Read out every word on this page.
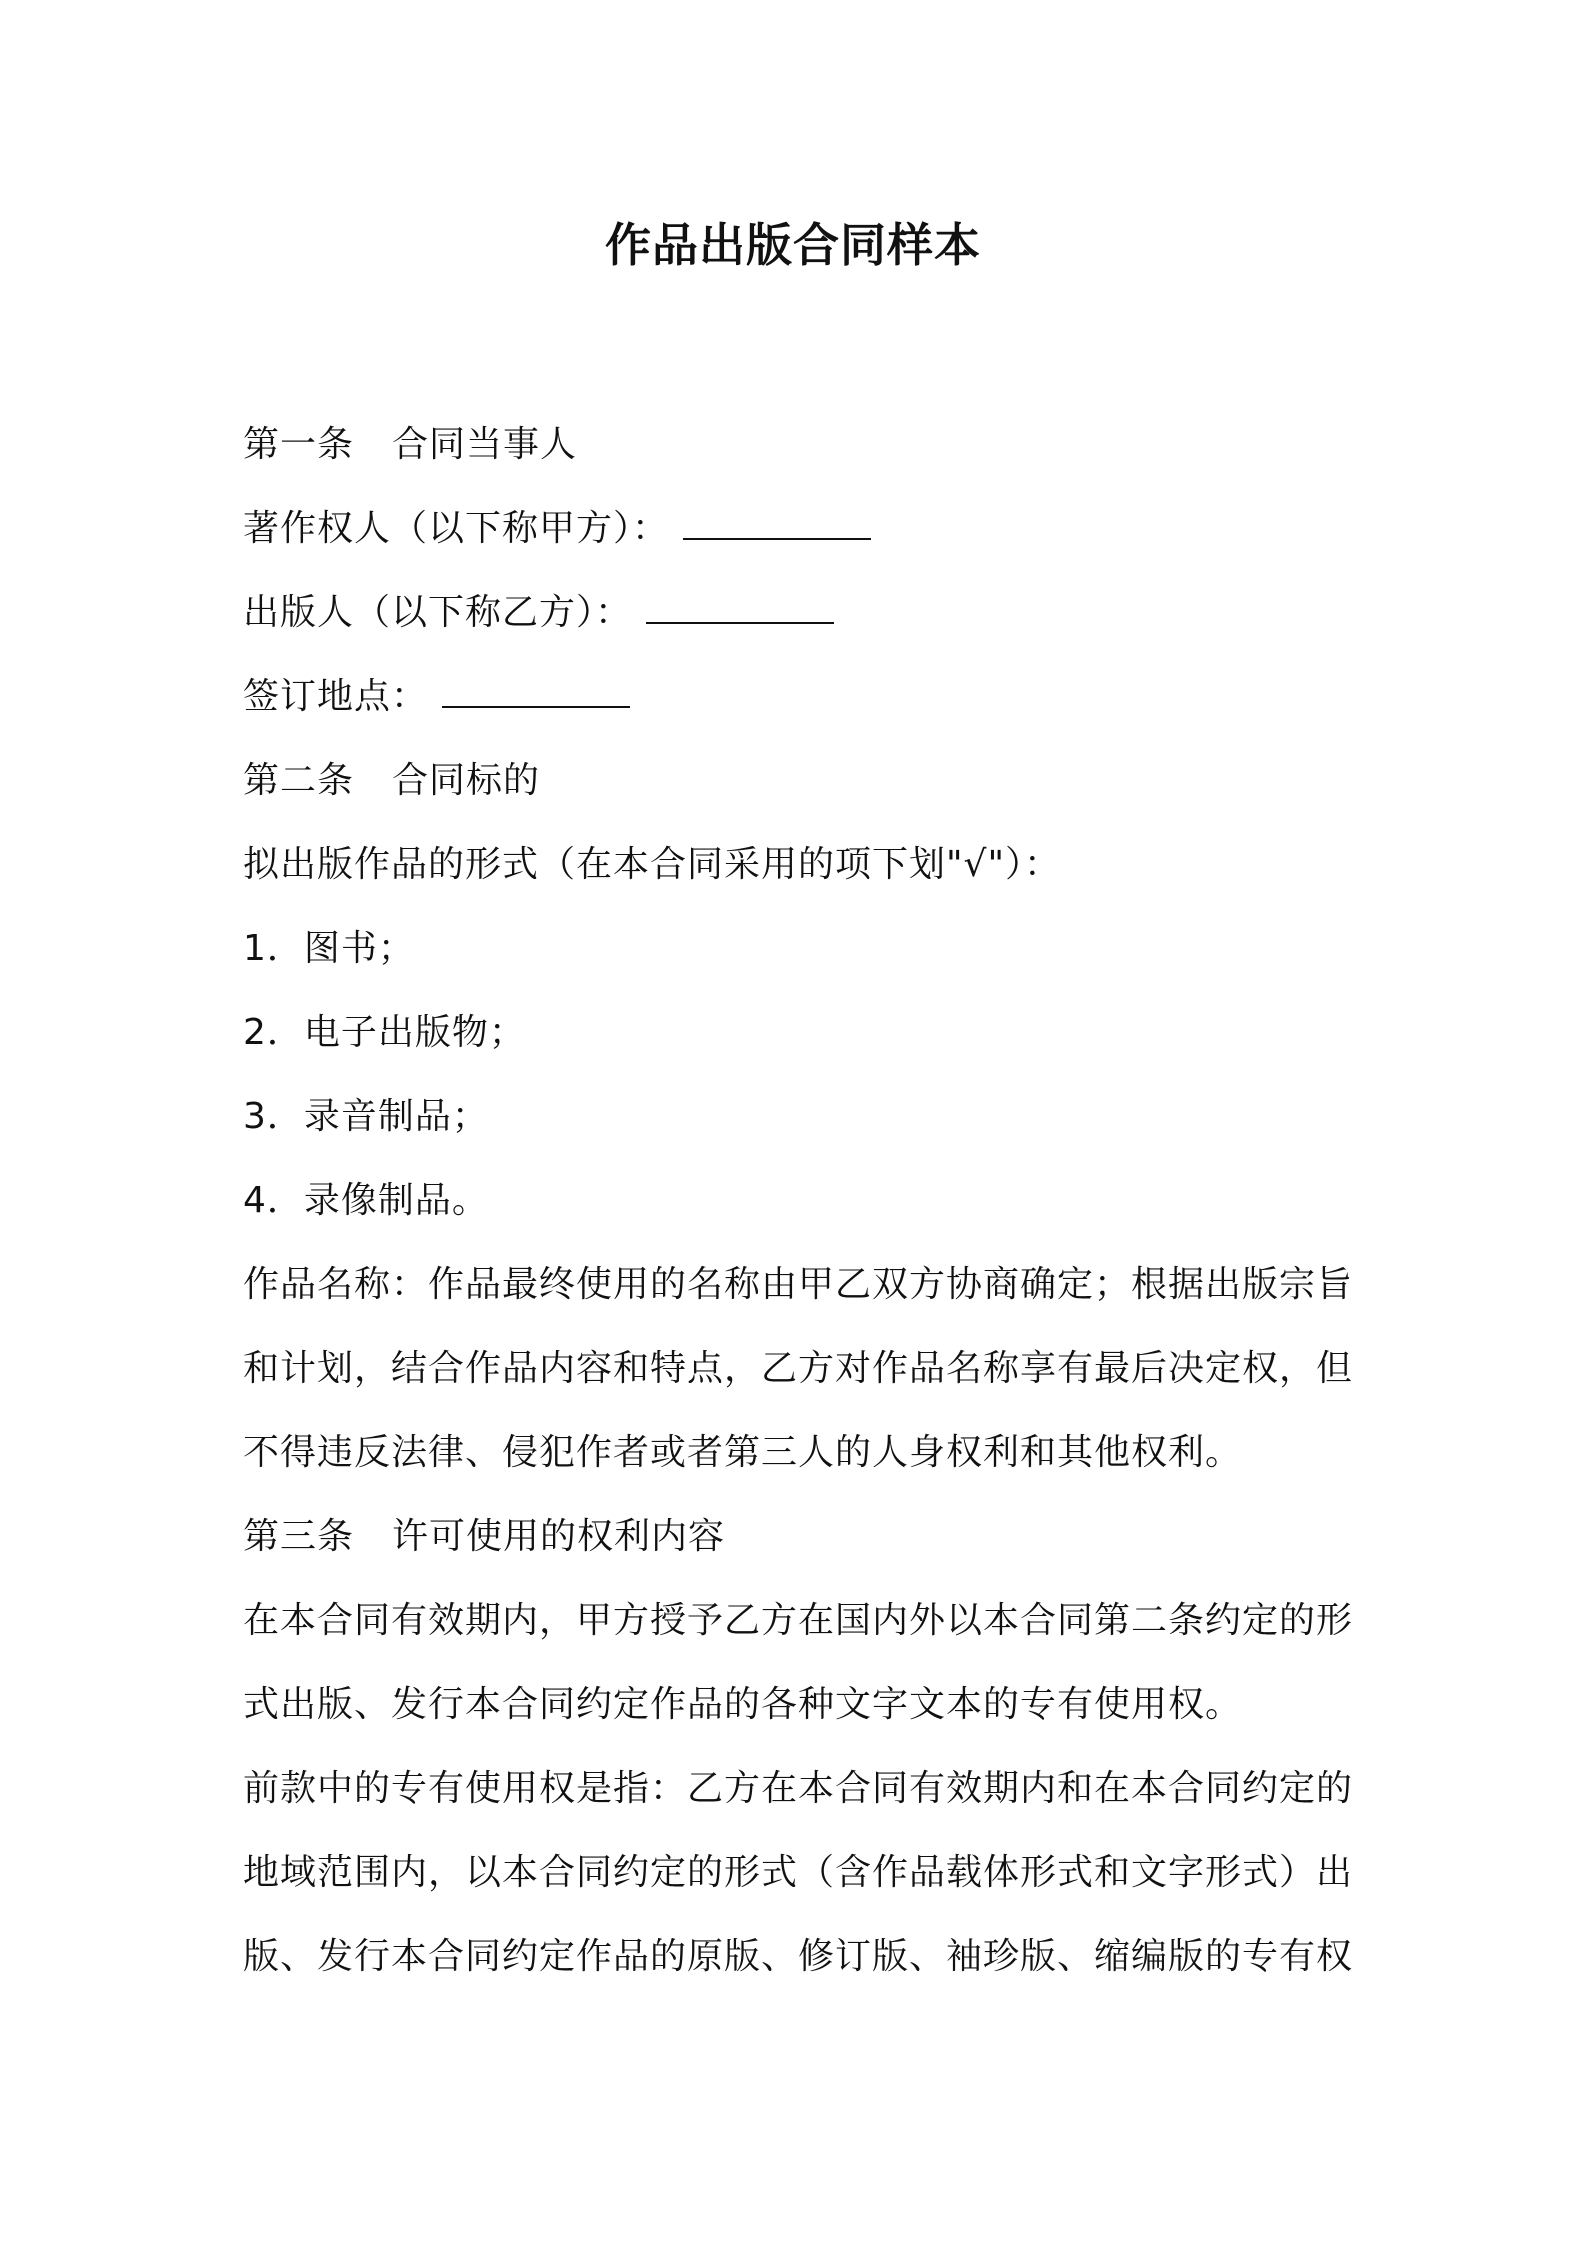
作品出版合同样本
第一条 合同当事人
著作权人（以下称甲方）：
出版人（以下称乙方）：
签订地点：
第二条 合同标的
拟出版作品的形式（在本合同采用的项下划"√"）：
1．图书；
2．电子出版物；
3．录音制品；
4．录像制品。
作品名称：作品最终使用的名称由甲乙双方协商确定；根据出版宗旨
和计划，结合作品内容和特点，乙方对作品名称享有最后决定权，但
不得违反法律、侵犯作者或者第三人的人身权利和其他权利。
第三条 许可使用的权利内容
在本合同有效期内，甲方授予乙方在国内外以本合同第二条约定的形
式出版、发行本合同约定作品的各种文字文本的专有使用权。
前款中的专有使用权是指：乙方在本合同有效期内和在本合同约定的
地域范围内，以本合同约定的形式（含作品载体形式和文字形式）出
版、发行本合同约定作品的原版、修订版、袖珍版、缩编版的专有权
